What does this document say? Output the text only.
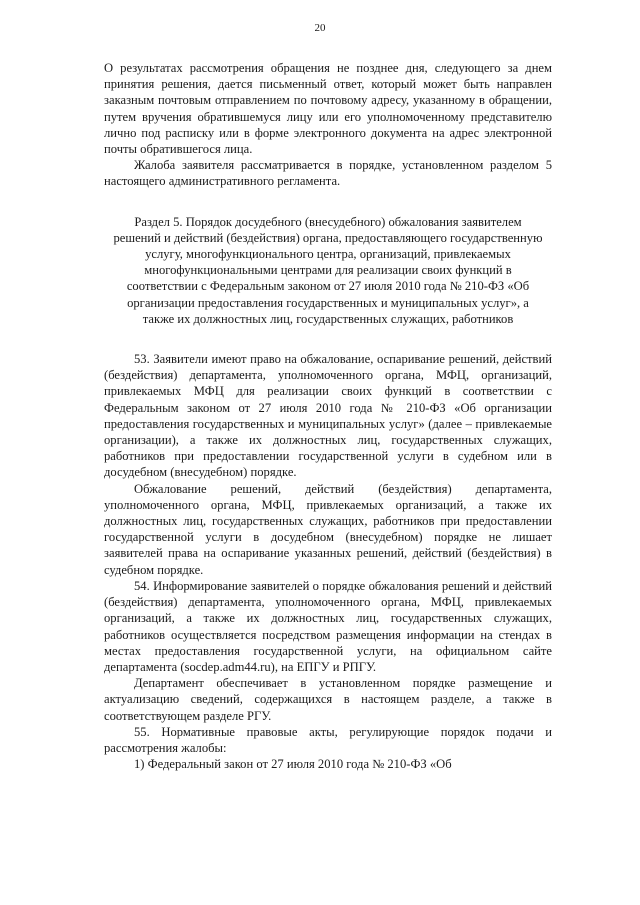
20

О результатах рассмотрения обращения не позднее дня, следующего за днем принятия решения, дается письменный ответ, который может быть направлен заказным почтовым отправлением по почтовому адресу, указанному в обращении, путем вручения обратившемуся лицу или его уполномоченному представителю лично под расписку или в форме электронного документа на адрес электронной почты обратившегося лица.

Жалоба заявителя рассматривается в порядке, установленном разделом 5 настоящего административного регламента.

Раздел 5. Порядок досудебного (внесудебного) обжалования заявителем решений и действий (бездействия) органа, предоставляющего государственную услугу, многофункционального центра, организаций, привлекаемых многофункциональными центрами для реализации своих функций в соответствии с Федеральным законом от 27 июля 2010 года № 210-ФЗ «Об организации предоставления государственных и муниципальных услуг», а также их должностных лиц, государственных служащих, работников

53. Заявители имеют право на обжалование, оспаривание решений, действий (бездействия) департамента, уполномоченного органа, МФЦ, организаций, привлекаемых МФЦ для реализации своих функций в соответствии с Федеральным законом от 27 июля 2010 года № 210-ФЗ «Об организации предоставления государственных и муниципальных услуг» (далее – привлекаемые организации), а также их должностных лиц, государственных служащих, работников при предоставлении государственной услуги в судебном или в досудебном (внесудебном) порядке.

Обжалование решений, действий (бездействия) департамента, уполномоченного органа, МФЦ, привлекаемых организаций, а также их должностных лиц, государственных служащих, работников при предоставлении государственной услуги в досудебном (внесудебном) порядке не лишает заявителей права на оспаривание указанных решений, действий (бездействия) в судебном порядке.

54. Информирование заявителей о порядке обжалования решений и действий (бездействия) департамента, уполномоченного органа, МФЦ, привлекаемых организаций, а также их должностных лиц, государственных служащих, работников осуществляется посредством размещения информации на стендах в местах предоставления государственной услуги, на официальном сайте департамента (socdep.adm44.ru), на ЕПГУ и РПГУ.

Департамент обеспечивает в установленном порядке размещение и актуализацию сведений, содержащихся в настоящем разделе, а также в соответствующем разделе РГУ.

55. Нормативные правовые акты, регулирующие порядок подачи и рассмотрения жалобы:

1) Федеральный закон от 27 июля 2010 года № 210-ФЗ «Об
